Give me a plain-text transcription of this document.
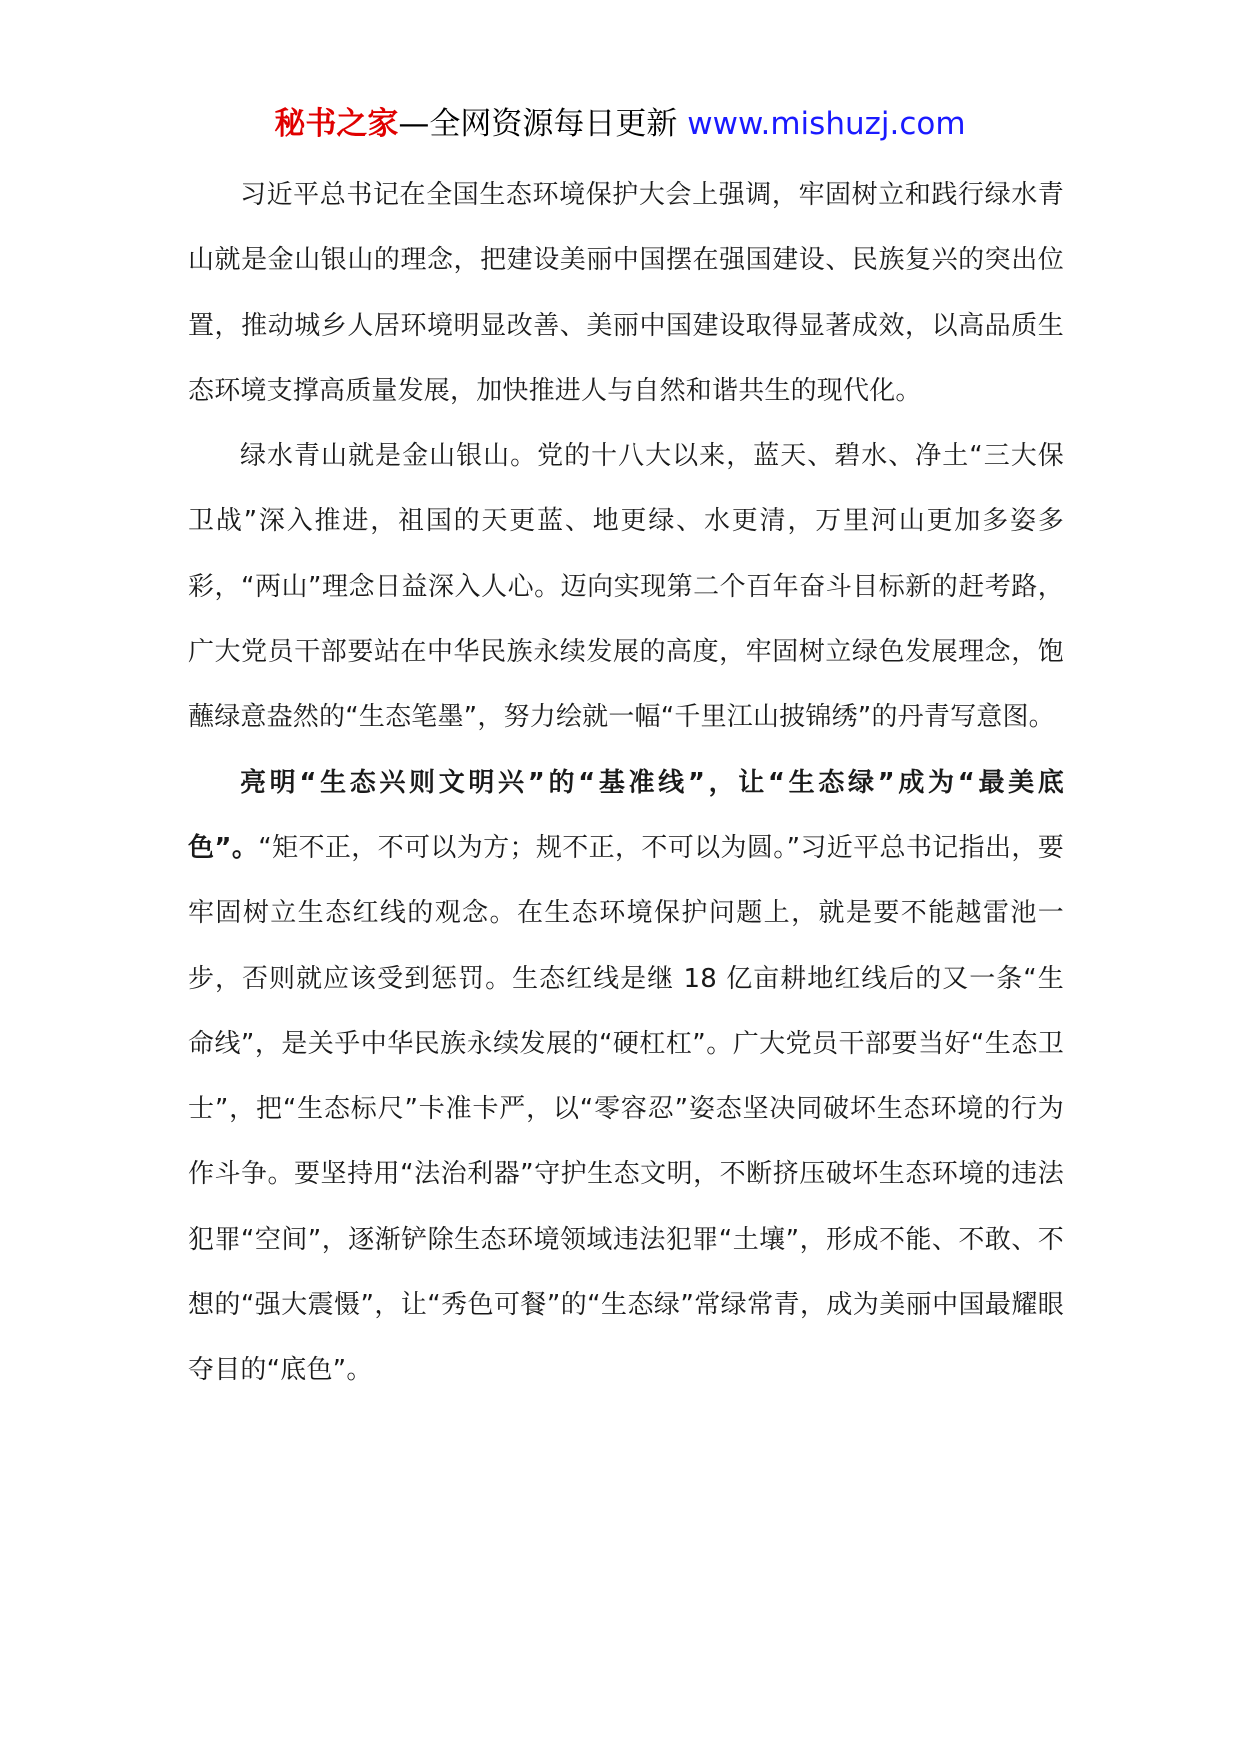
秘书之家—全网资源每日更新 www.mishuzj.com

习近平总书记在全国生态环境保护大会上强调，牢固树立和践行绿水青山就是金山银山的理念，把建设美丽中国摆在强国建设、民族复兴的突出位置，推动城乡人居环境明显改善、美丽中国建设取得显著成效，以高品质生态环境支撑高质量发展，加快推进人与自然和谐共生的现代化。

绿水青山就是金山银山。党的十八大以来，蓝天、碧水、净土“三大保卫战”深入推进，祖国的天更蓝、地更绿、水更清，万里河山更加多姿多彩，“两山”理念日益深入人心。迈向实现第二个百年奋斗目标新的赶考路，广大党员干部要站在中华民族永续发展的高度，牢固树立绿色发展理念，饱蘸绿意盎然的“生态笔墨”，努力绘就一幅“千里江山披锦绣”的丹青写意图。

亮明“生态兴则文明兴”的“基准线”，让“生态绿”成为“最美底色”。“矩不正，不可以为方；规不正，不可以为圆。”习近平总书记指出，要牢固树立生态红线的观念。在生态环境保护问题上，就是要不能越雷池一步，否则就应该受到惩罚。生态红线是继 18 亿亩耕地红线后的又一条“生命线”，是关乎中华民族永续发展的“硬杠杠”。广大党员干部要当好“生态卫士”，把“生态标尺”卡准卡严，以“零容忍”姿态坚决同破坏生态环境的行为作斗争。要坚持用“法治利器”守护生态文明，不断挤压破坏生态环境的违法犯罪“空间”，逐渐铲除生态环境领域违法犯罪“土壤”，形成不能、不敢、不想的“强大震慑”，让“秀色可餐”的“生态绿”常绿常青，成为美丽中国最耀眼夺目的“底色”。
